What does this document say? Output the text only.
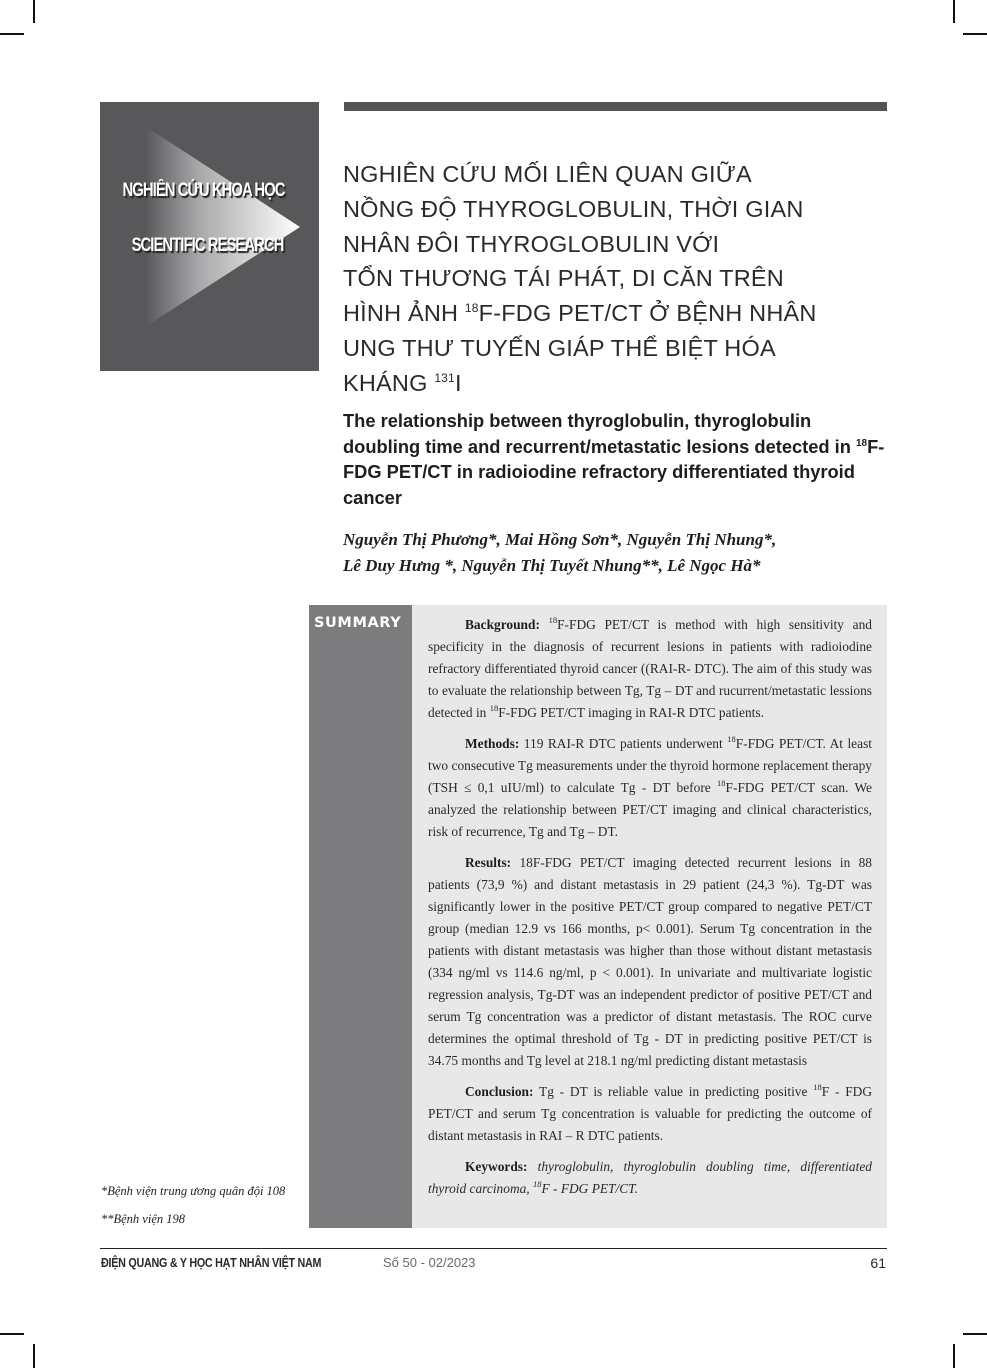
NGHIÊN CỨU KHOA HỌC
SCIENTIFIC RESEARCH
NGHIÊN CỨU MỐI LIÊN QUAN GIỮA
NỒNG ĐỘ THYROGLOBULIN, THỜI GIAN
NHÂN ĐÔI THYROGLOBULIN VỚI
TỔN THƯƠNG TÁI PHÁT, DI CĂN TRÊN
HÌNH ẢNH $^{18}$F-FDG PET/CT Ở BỆNH NHÂN
UNG THƯ TUYẾN GIÁP THỂ BIỆT HÓA
KHÁNG $^{131}$I
The relationship between thyroglobulin, thyroglobulin doubling time and recurrent/metastatic lesions detected in $^{18}$F-FDG PET/CT in radioiodine refractory differentiated thyroid cancer
Nguyễn Thị Phương*, Mai Hồng Sơn*, Nguyễn Thị Nhung*,
Lê Duy Hưng *, Nguyễn Thị Tuyết Nhung**, Lê Ngọc Hà*
SUMMARY	Background: $^{18}$F-FDG PET/CT is method with high sensitivity and specificity in the diagnosis of recurrent lesions in patients with radioiodine refractory differentiated thyroid cancer ((RAI-R- DTC). The aim of this study was to evaluate the relationship between Tg, Tg – DT and rucurrent/metastatic lessions detected in $^{18}$F-FDG PET/CT imaging in RAI-R DTC patients.

Methods: 119 RAI-R DTC patients underwent $^{18}$F-FDG PET/CT. At least two consecutive Tg measurements under the thyroid hormone replacement therapy (TSH ≤ 0,1 uIU/ml) to calculate Tg - DT before $^{18}$F-FDG PET/CT scan. We analyzed the relationship between PET/CT imaging and clinical characteristics, risk of recurrence, Tg and Tg – DT.

Results: 18F-FDG PET/CT imaging detected recurrent lesions in 88 patients (73,9 %) and distant metastasis in 29 patient (24,3 %). Tg-DT was significantly lower in the positive PET/CT group compared to negative PET/CT group (median 12.9 vs 166 months, p< 0.001). Serum Tg concentration in the patients with distant metastasis was higher than those without distant metastasis (334 ng/ml vs 114.6 ng/ml, p < 0.001). In univariate and multivariate logistic regression analysis, Tg-DT was an independent predictor of positive PET/CT and serum Tg concentration was a predictor of distant metastasis. The ROC curve determines the optimal threshold of Tg - DT in predicting positive PET/CT is 34.75 months and Tg level at 218.1 ng/ml predicting distant metastasis

Conclusion: Tg - DT is reliable value in predicting positive $^{18}$F - FDG PET/CT and serum Tg concentration is valuable for predicting the outcome of distant metastasis in RAI – R DTC patients.

Keywords: thyroglobulin, thyroglobulin doubling time, differentiated thyroid carcinoma, $^{18}$F - FDG PET/CT.

*Bệnh viện trung ương quân đội 108
**Bệnh viện 198
ĐIỆN QUANG & Y HỌC HẠT NHÂN VIỆT NAM	Số 50 - 02/2023	61
